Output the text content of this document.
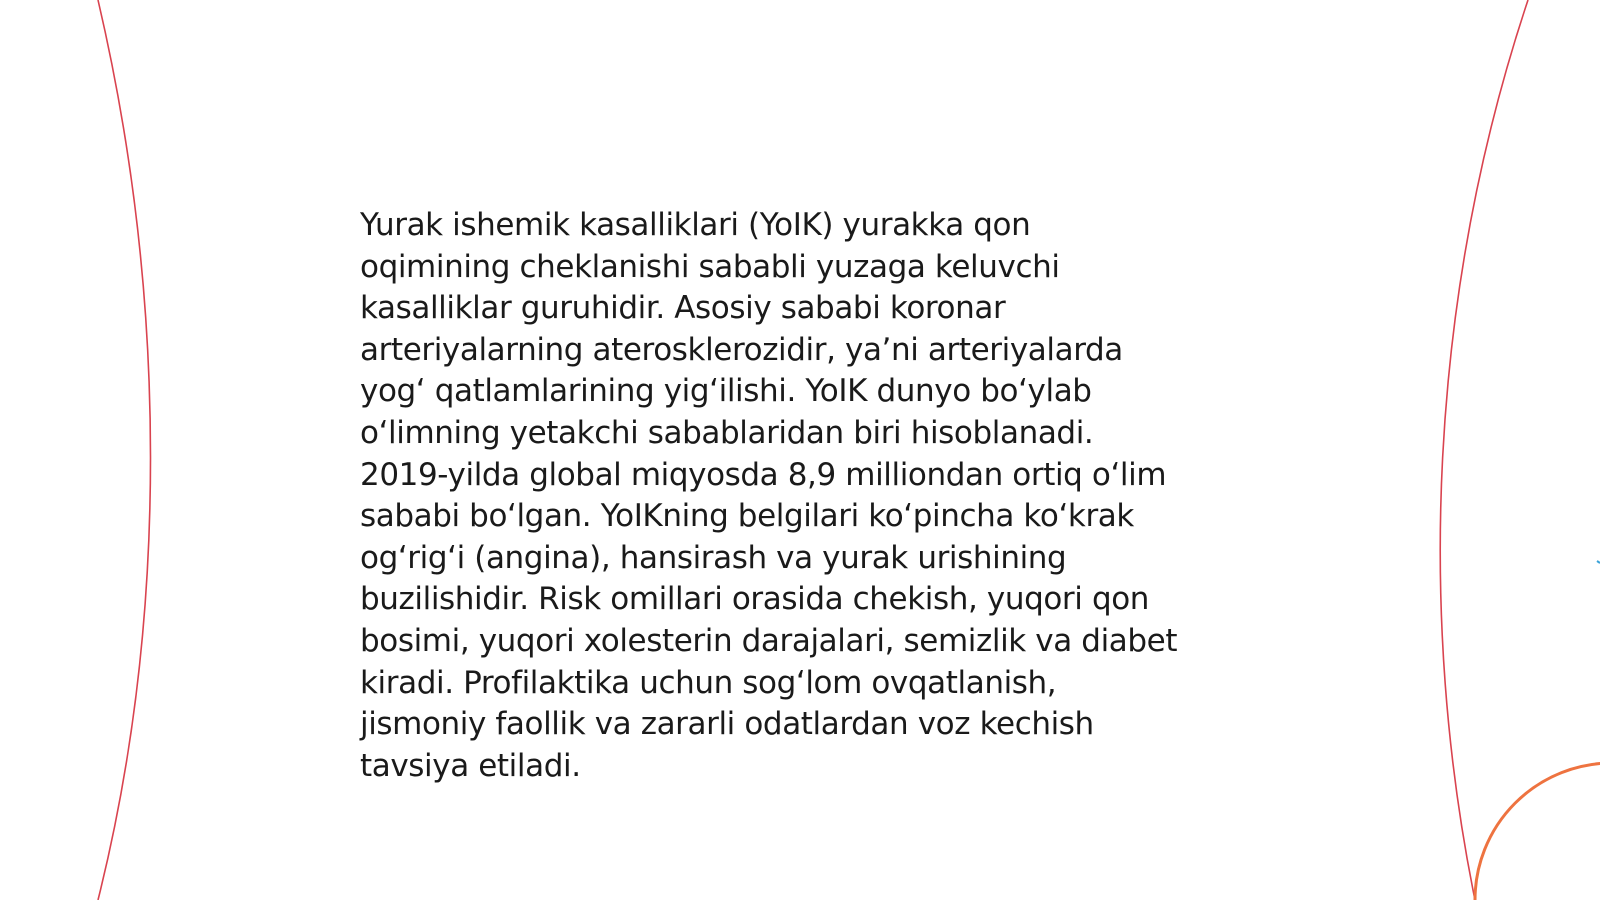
Yurak ishemik kasalliklari (YoIK) yurakka qon
oqimining cheklanishi sababli yuzaga keluvchi
kasalliklar guruhidir. Asosiy sababi koronar
arteriyalarning aterosklerozidir, ya’ni arteriyalarda
yog‘ qatlamlarining yig‘ilishi. YoIK dunyo bo‘ylab
o‘limning yetakchi sabablaridan biri hisoblanadi.
2019-yilda global miqyosda 8,9 milliondan ortiq o‘lim
sababi bo‘lgan. YoIKning belgilari ko‘pincha ko‘krak
og‘rig‘i (angina), hansirash va yurak urishining
buzilishidir. Risk omillari orasida chekish, yuqori qon
bosimi, yuqori xolesterin darajalari, semizlik va diabet
kiradi. Profilaktika uchun sog‘lom ovqatlanish,
jismoniy faollik va zararli odatlardan voz kechish
tavsiya etiladi.
